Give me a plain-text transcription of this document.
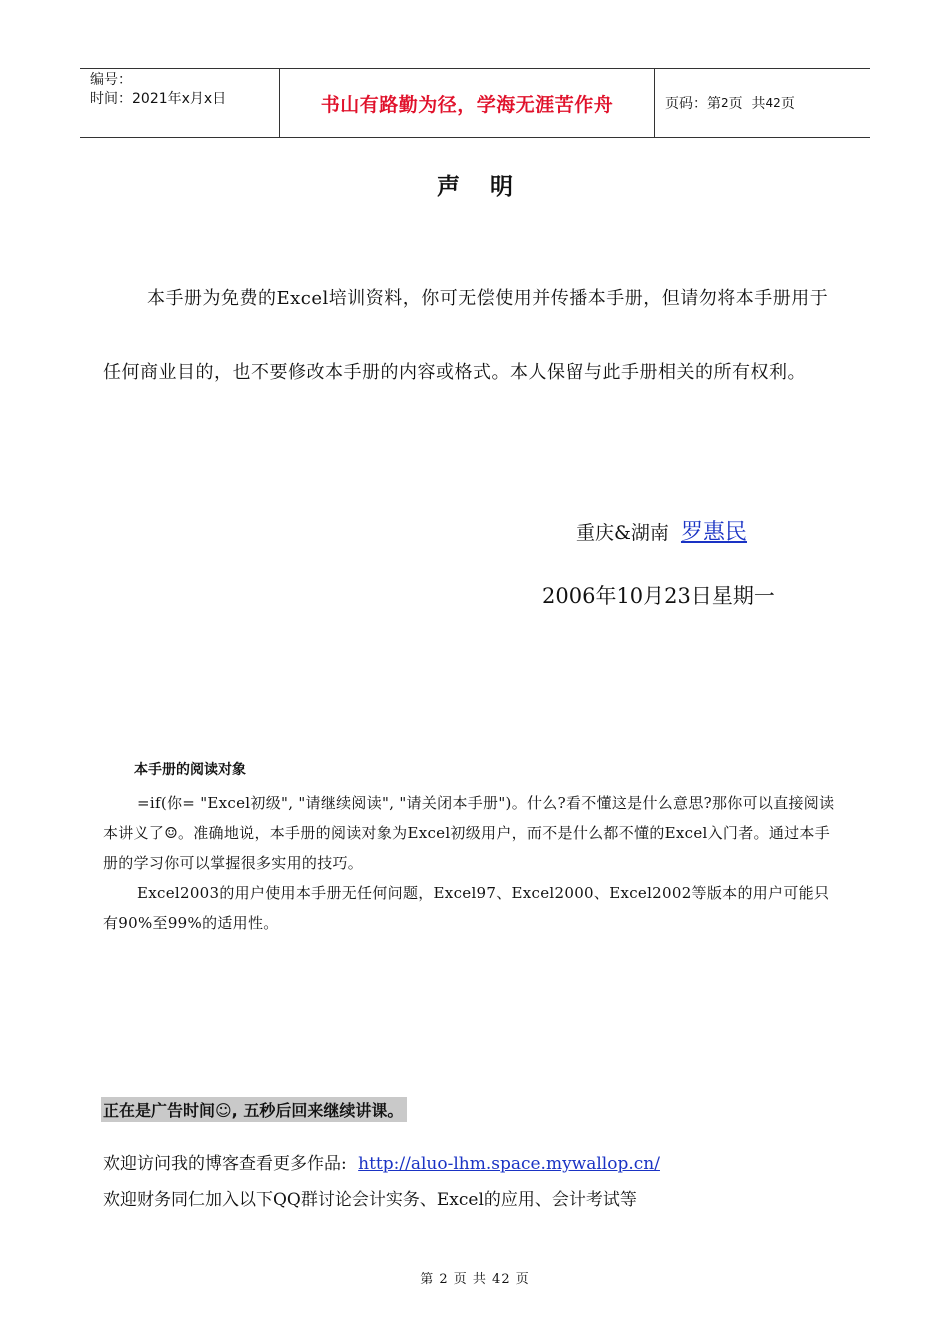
编号：
时间：2021年x月x日	书山有路勤为径，学海无涯苦作舟	页码：第 2 页  共 42 页
声明

本手册为免费的Excel培训资料，你可无偿使用并传播本手册，但请勿将本手册用于任何商业目的，也不要修改本手册的内容或格式。本人保留与此手册相关的所有权利。

重庆&湖南 罗惠民
2006年10月23日星期一
本手册的阅读对象

=if(你= "Excel初级", "请继续阅读", "请关闭本手册")。什么?看不懂这是什么意思?那你可以直接阅读本讲义了☺。准确地说，本手册的阅读对象为Excel初级用户，而不是什么都不懂的Excel入门者。通过本手册的学习你可以掌握很多实用的技巧。

Excel2003的用户使用本手册无任何问题，Excel97、Excel2000、Excel2002等版本的用户可能只有90%至99%的适用性。

正在是广告时间☺, 五秒后回来继续讲课。
欢迎访问我的博客查看更多作品: http://aluo-lhm.space.mywallop.cn/
欢迎财务同仁加入以下QQ群讨论会计实务、Excel的应用、会计考试等
第 2 页 共 42 页
